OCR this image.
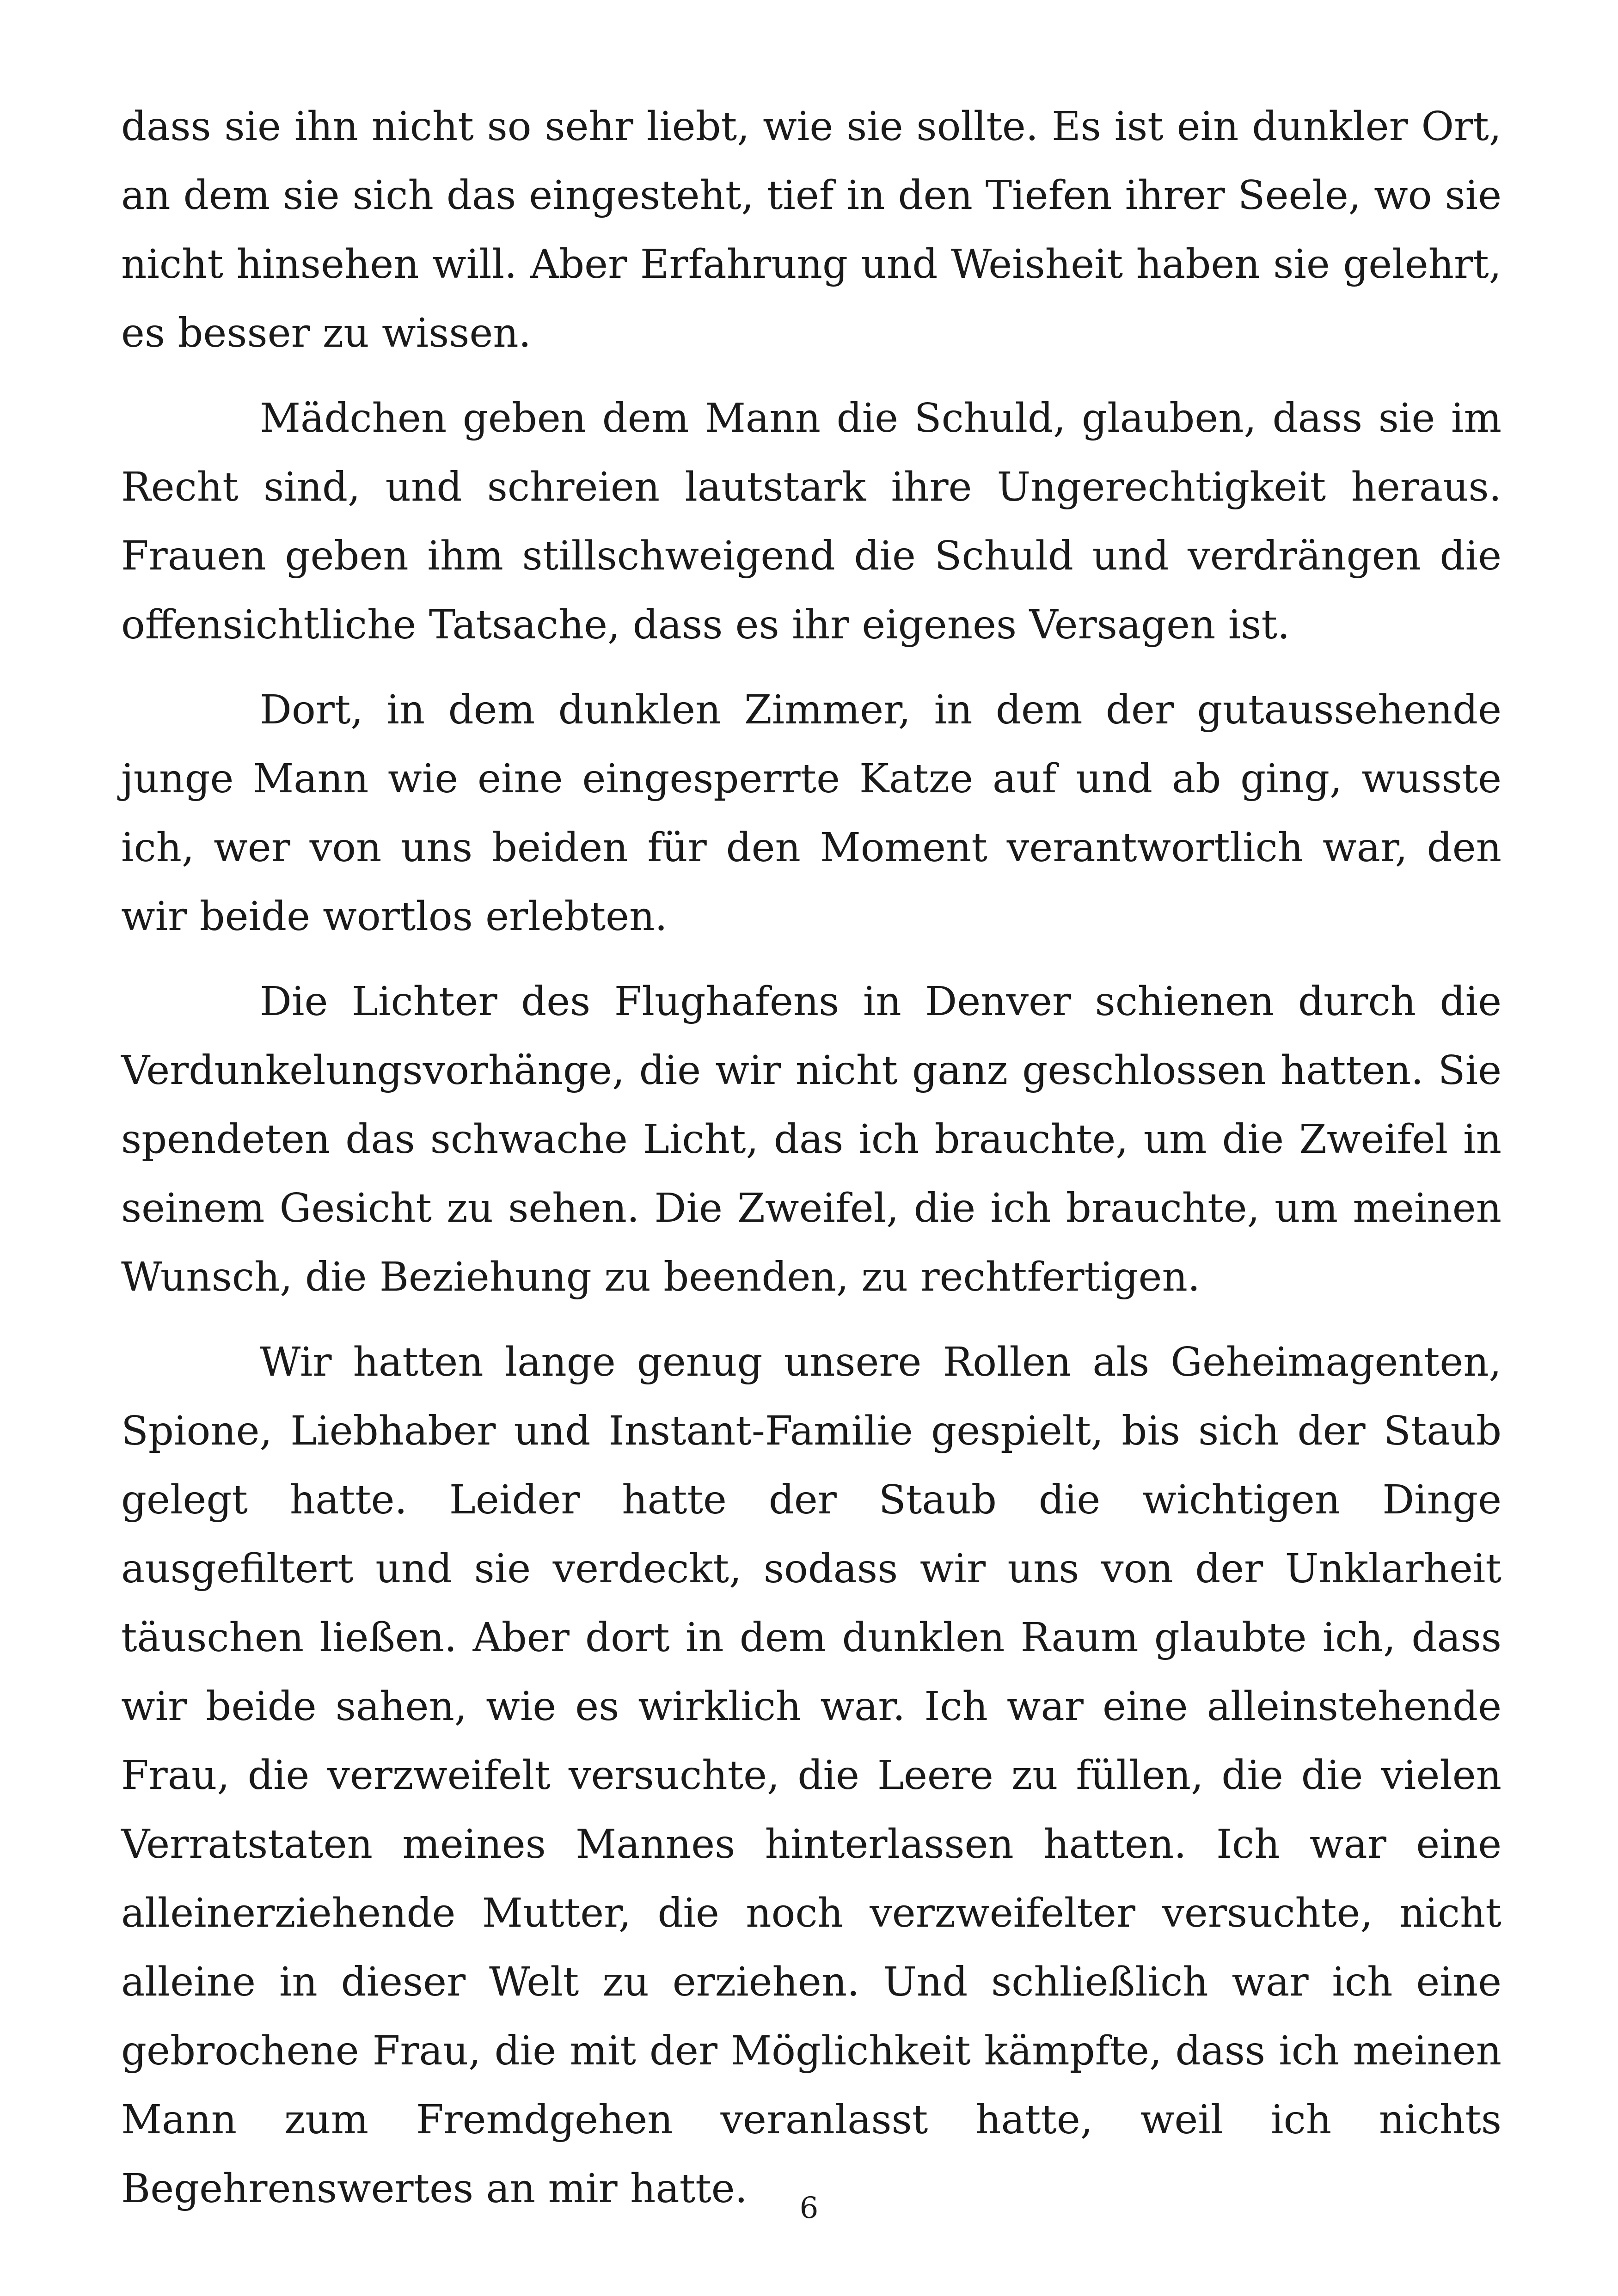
dass sie ihn nicht so sehr liebt, wie sie sollte. Es ist ein dunkler Ort, an dem sie sich das eingesteht, tief in den Tiefen ihrer Seele, wo sie nicht hinsehen will. Aber Erfahrung und Weisheit haben sie gelehrt, es besser zu wissen.

Mädchen geben dem Mann die Schuld, glauben, dass sie im Recht sind, und schreien lautstark ihre Ungerechtigkeit heraus. Frauen geben ihm stillschweigend die Schuld und verdrängen die offensichtliche Tatsache, dass es ihr eigenes Versagen ist.

Dort, in dem dunklen Zimmer, in dem der gutaussehende junge Mann wie eine eingesperrte Katze auf und ab ging, wusste ich, wer von uns beiden für den Moment verantwortlich war, den wir beide wortlos erlebten.

Die Lichter des Flughafens in Denver schienen durch die Verdunkelungsvorhänge, die wir nicht ganz geschlossen hatten. Sie spendeten das schwache Licht, das ich brauchte, um die Zweifel in seinem Gesicht zu sehen. Die Zweifel, die ich brauchte, um meinen Wunsch, die Beziehung zu beenden, zu rechtfertigen.

Wir hatten lange genug unsere Rollen als Geheimagenten, Spione, Liebhaber und Instant-Familie gespielt, bis sich der Staub gelegt hatte. Leider hatte der Staub die wichtigen Dinge ausgefiltert und sie verdeckt, sodass wir uns von der Unklarheit täuschen ließen. Aber dort in dem dunklen Raum glaubte ich, dass wir beide sahen, wie es wirklich war. Ich war eine alleinstehende Frau, die verzweifelt versuchte, die Leere zu füllen, die die vielen Verratstaten meines Mannes hinterlassen hatten. Ich war eine alleinerziehende Mutter, die noch verzweifelter versuchte, nicht alleine in dieser Welt zu erziehen. Und schließlich war ich eine gebrochene Frau, die mit der Möglichkeit kämpfte, dass ich meinen Mann zum Fremdgehen veranlasst hatte, weil ich nichts Begehrenswertes an mir hatte.	6
